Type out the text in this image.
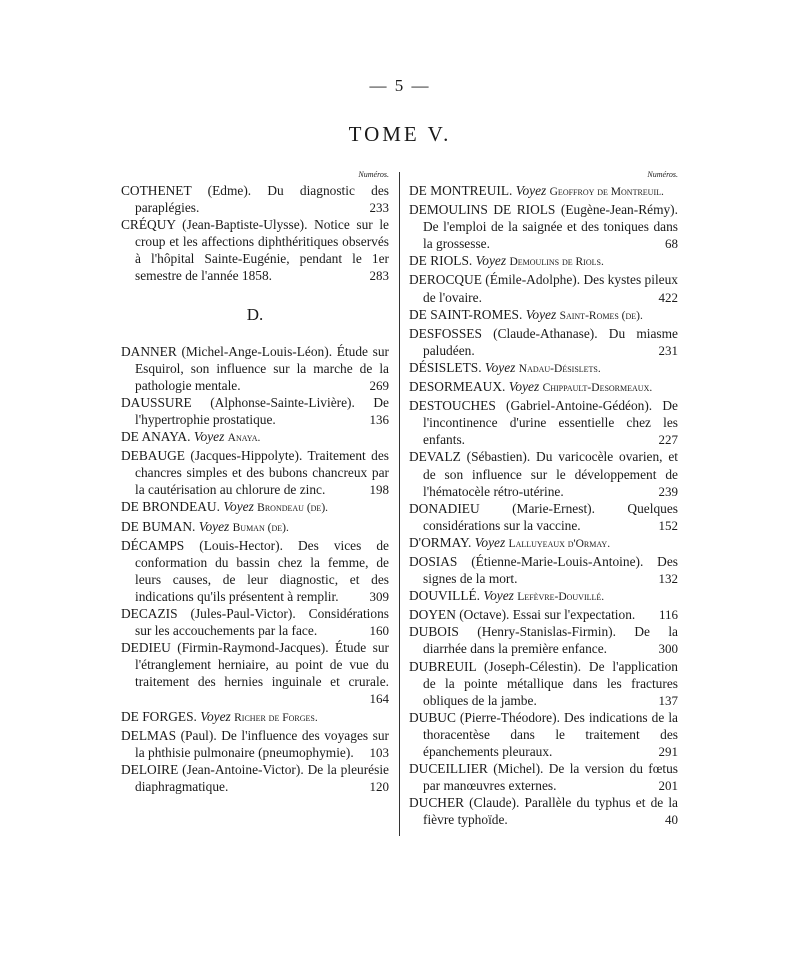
— 5 —
TOME V.
Numéros.
COTHENET (Edme). Du diagnostic des paraplégies.	233
CRÉQUY (Jean-Baptiste-Ulysse). Notice sur le croup et les affections diphthéritiques observés à l'hôpital Sainte-Eugénie, pendant le 1er semestre de l'année 1858.	283
D.
DANNER (Michel-Ange-Louis-Léon). Étude sur Esquirol, son influence sur la marche de la pathologie mentale.	269
DAUSSURE (Alphonse-Sainte-Livière). De l'hypertrophie prostatique.	136
DE ANAYA. Voyez Anaya.
DEBAUGE (Jacques-Hippolyte). Traitement des chancres simples et des bubons chancreux par la cautérisation au chlorure de zinc.	198
DE BRONDEAU. Voyez Brondeau (de).
DE BUMAN. Voyez Buman (de).
DÉCAMPS (Louis-Hector). Des vices de conformation du bassin chez la femme, de leurs causes, de leur diagnostic, et des indications qu'ils présentent à remplir. 309
DECAZIS (Jules-Paul-Victor). Considérations sur les accouchements par la face.	160
DEDIEU (Firmin-Raymond-Jacques). Étude sur l'étranglement herniaire, au point de vue du traitement des hernies inguinale et crurale.
164
DE FORGES. Voyez Richer de Forges.
DELMAS (Paul). De l'influence des voyages sur la phthisie pulmonaire (pneumophymie). 103
DELOIRE (Jean-Antoine-Victor). De la pleurésie diaphragmatique.	120
Numéros.
DE MONTREUIL. Voyez Geoffroy de Montreuil.
DEMOULINS DE RIOLS (Eugène-Jean-Rémy). De l'emploi de la saignée et des toniques dans la grossesse.	68
DE RIOLS. Voyez Demoulins de Riols.
DEROCQUE (Émile-Adolphe). Des kystes pileux de l'ovaire.	422
DE SAINT-ROMES. Voyez Saint-Romes (de).
DESFOSSES (Claude-Athanase). Du miasme paludéen.	231
DÉSISLETS. Voyez Nadau-Désislets.
DESORMEAUX. Voyez Chippault-Desormeaux.
DESTOUCHES (Gabriel-Antoine-Gédéon). De l'incontinence d'urine essentielle chez les enfants.	227
DEVALZ (Sébastien). Du varicocèle ovarien, et de son influence sur le développement de l'hématocèle rétro-utérine.	239
DONADIEU (Marie-Ernest). Quelques considérations sur la vaccine.	152
D'ORMAY. Voyez Lalluyeaux d'Ormay.
DOSIAS (Étienne-Marie-Louis-Antoine). Des signes de la mort.	132
DOUVILLÉ. Voyez Lefèvre-Douvillé.
DOYEN (Octave). Essai sur l'expectation. 116
DUBOIS (Henry-Stanislas-Firmin). De la diarrhée dans la première enfance.	300
DUBREUIL (Joseph-Célestin). De l'application de la pointe métallique dans les fractures obliques de la jambe.	137
DUBUC (Pierre-Théodore). Des indications de la thoracentèse dans le traitement des épanchements pleuraux.	291
DUCEILLIER (Michel). De la version du fœtus par manœuvres externes.	201
DUCHER (Claude). Parallèle du typhus et de la fièvre typhoïde.	40
